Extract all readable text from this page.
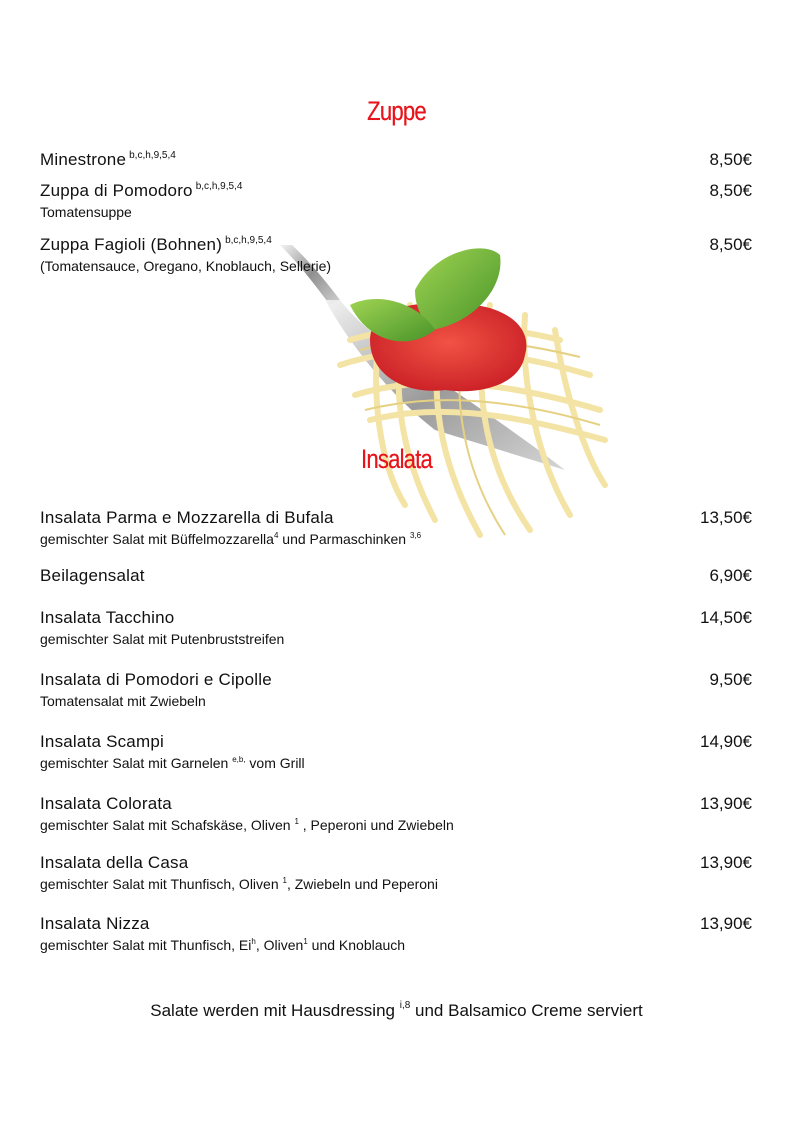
Zuppe
Minestrone $^{b,c,h,9,5,4}$	8,50€
Zuppa di Pomodoro $^{b,c,h,9,5,4}$
Tomatensuppe
8,50€
Zuppa Fagioli (Bohnen) $^{b,c,h,9,5,4}$
(Tomatensauce, Oregano, Knoblauch, Sellerie)
8,50€
Insalata
Insalata Parma e Mozzarella di Bufala
gemischter Salat mit Büffelmozzarella$^4$ und Parmaschinken $^{3,6}$
13,50€
Beilagensalat	6,90€
Insalata Tacchino
gemischter Salat mit Putenbruststreifen
14,50€
Insalata di Pomodori e Cipolle
Tomatensalat mit Zwiebeln
9,50€
Insalata Scampi
gemischter Salat mit Garnelen $^{e,b,}$ vom Grill
14,90€
Insalata Colorata
gemischter Salat mit Schafskäse, Oliven $^1$ , Peperoni und Zwiebeln
13,90€
Insalata della Casa
gemischter Salat mit Thunfisch, Oliven $^1$, Zwiebeln und Peperoni
13,90€
Insalata Nizza
gemischter Salat mit Thunfisch, Ei$^h$, Oliven$^1$ und Knoblauch
13,90€
Salate werden mit Hausdressing $^{i,8}$ und Balsamico Creme serviert
